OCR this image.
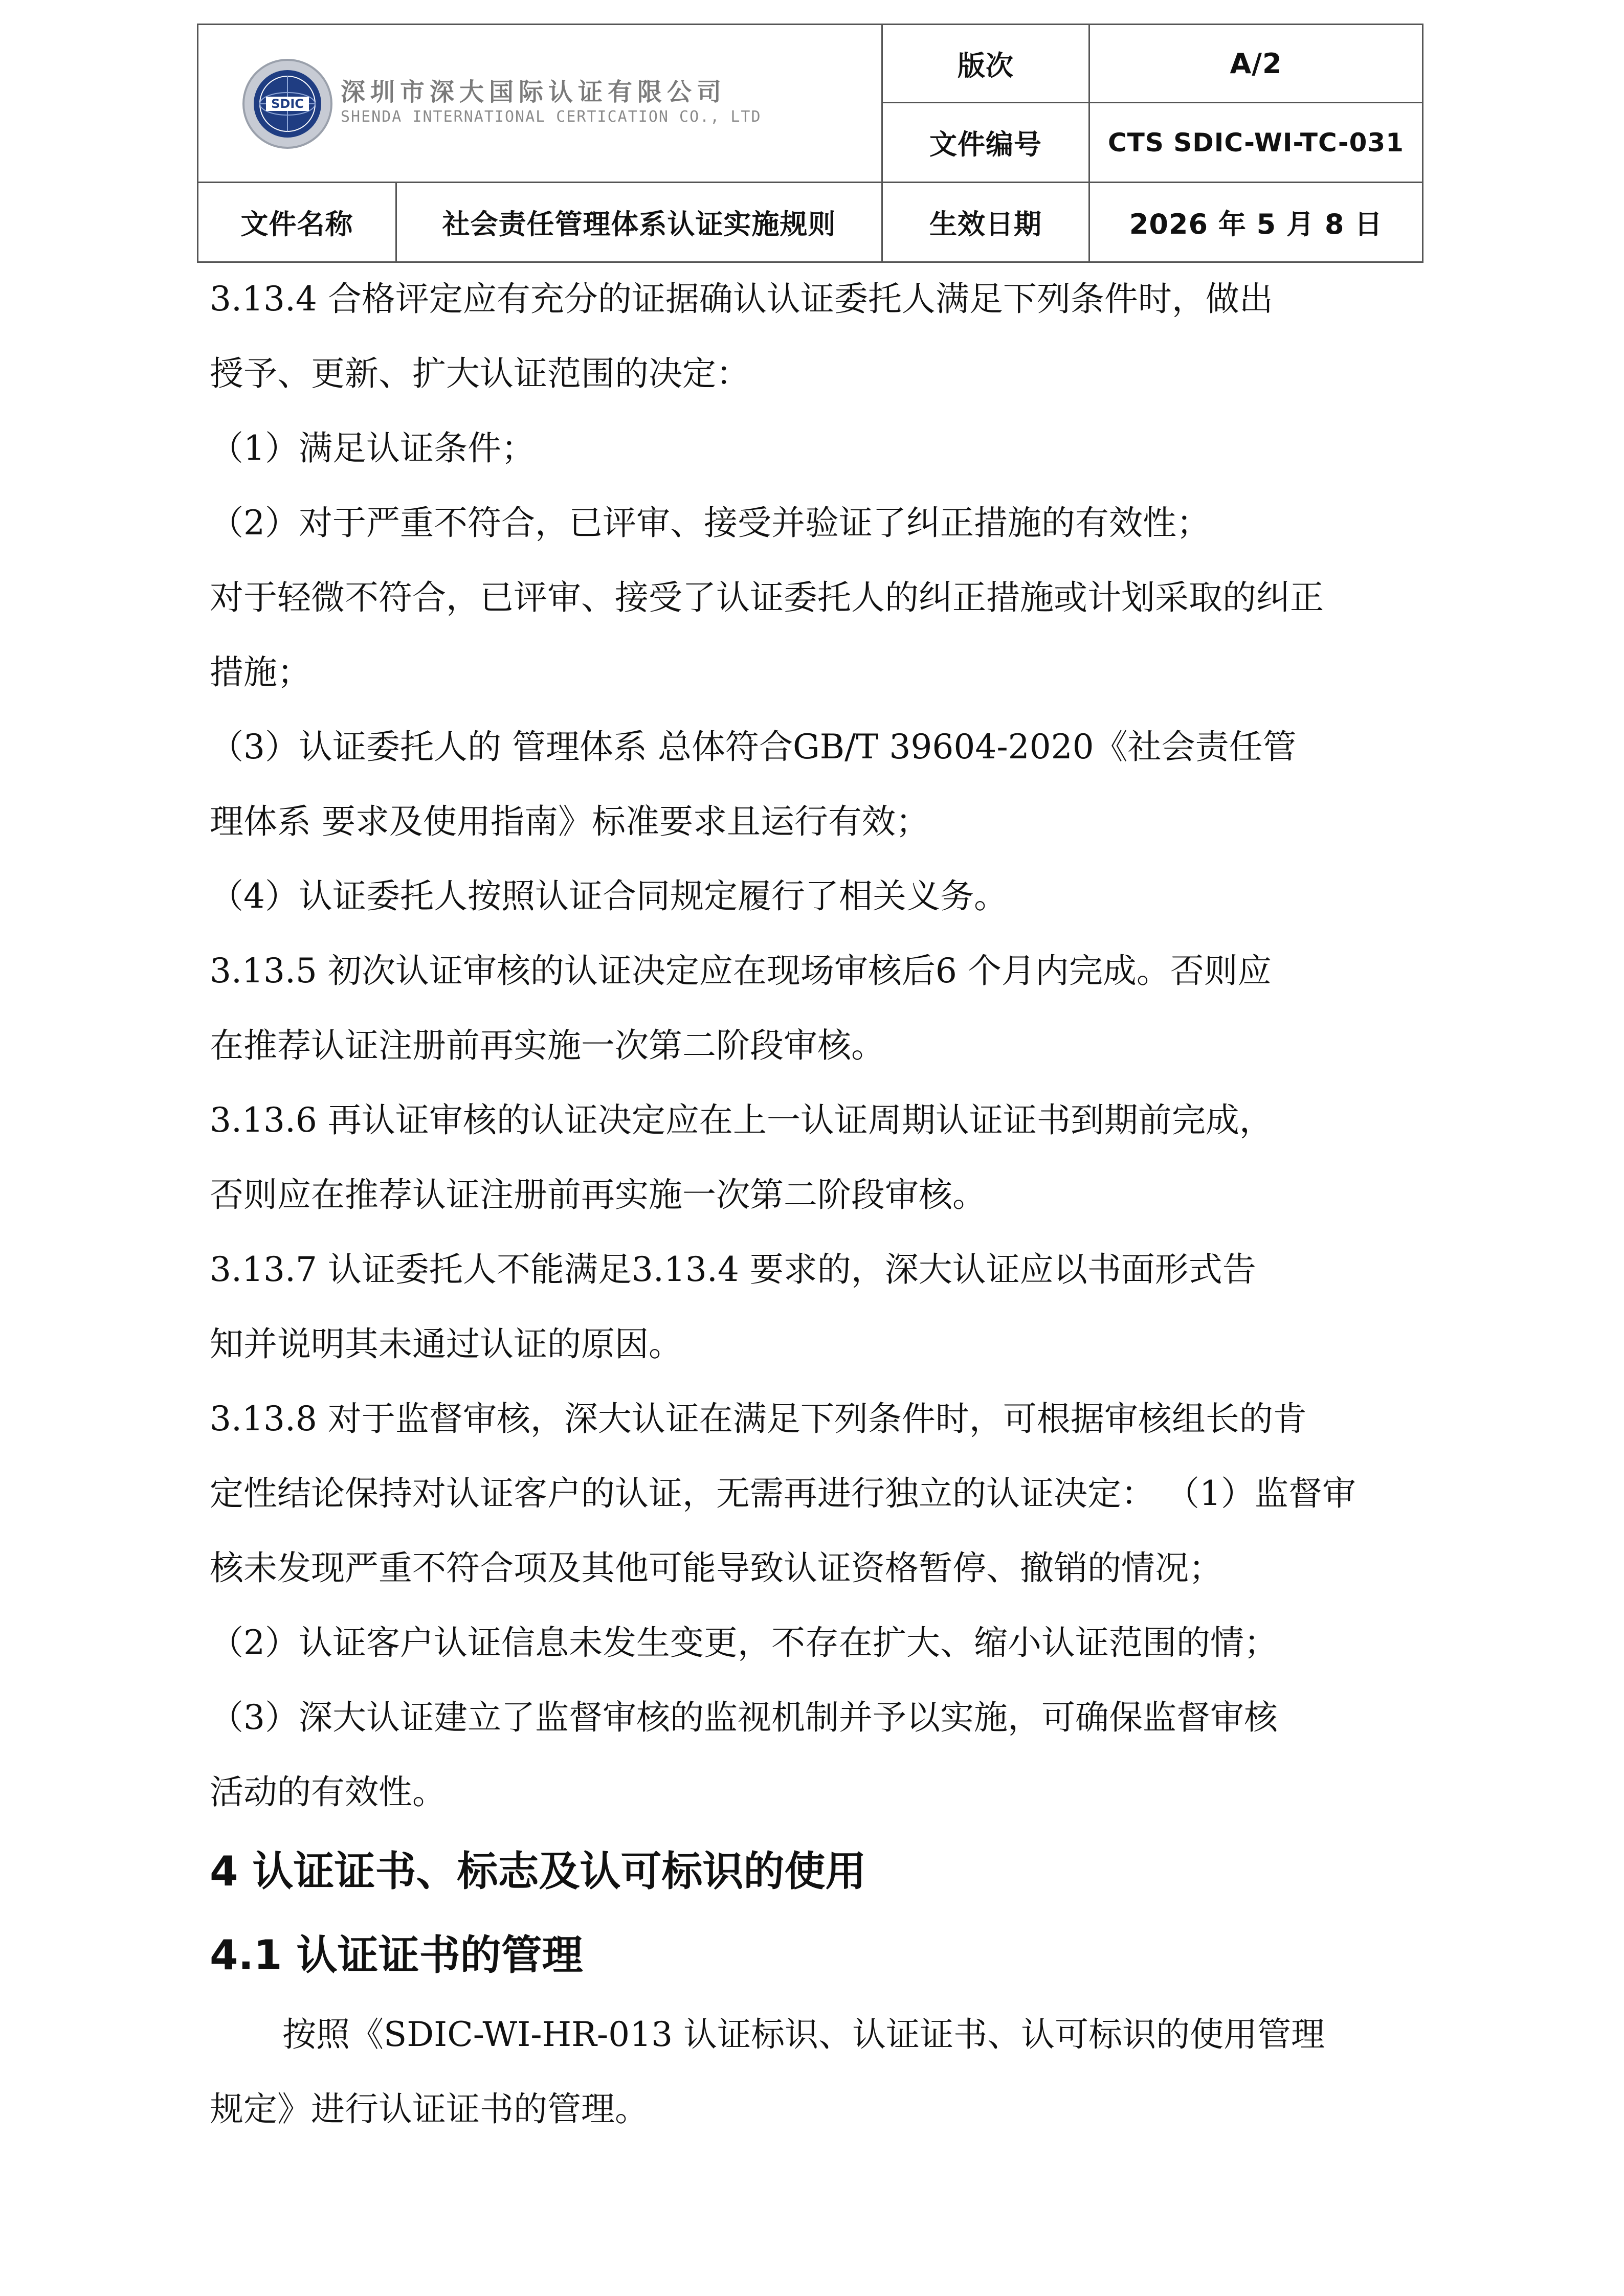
SDIC 深圳市深大国际认证有限公司
SHENDA INTERNATIONAL CERTICATION CO., LTD
版次	A/2
文件编号	CTS SDIC-WI-TC-031
文件名称	社会责任管理体系认证实施规则	生效日期	2026 年 5 月 8 日

3.13.4 合格评定应有充分的证据确认认证委托人满足下列条件时，做出

授予、更新、扩大认证范围的决定：

（1）满足认证条件；

（2）对于严重不符合，已评审、接受并验证了纠正措施的有效性；

对于轻微不符合，已评审、接受了认证委托人的纠正措施或计划采取的纠正

措施；

（3）认证委托人的 管理体系 总体符合GB/T 39604-2020《社会责任管

理体系 要求及使用指南》标准要求且运行有效；

（4）认证委托人按照认证合同规定履行了相关义务。

3.13.5 初次认证审核的认证决定应在现场审核后6 个月内完成。否则应

在推荐认证注册前再实施一次第二阶段审核。

3.13.6 再认证审核的认证决定应在上一认证周期认证证书到期前完成，

否则应在推荐认证注册前再实施一次第二阶段审核。

3.13.7 认证委托人不能满足3.13.4 要求的，深大认证应以书面形式告

知并说明其未通过认证的原因。

3.13.8 对于监督审核，深大认证在满足下列条件时，可根据审核组长的肯

定性结论保持对认证客户的认证，无需再进行独立的认证决定： （1）监督审

核未发现严重不符合项及其他可能导致认证资格暂停、撤销的情况；

（2）认证客户认证信息未发生变更，不存在扩大、缩小认证范围的情；

（3）深大认证建立了监督审核的监视机制并予以实施，可确保监督审核

活动的有效性。

4 认证证书、标志及认可标识的使用
4.1 认证证书的管理

按照《SDIC-WI-HR-013 认证标识、认证证书、认可标识的使用管理

规定》进行认证证书的管理。
